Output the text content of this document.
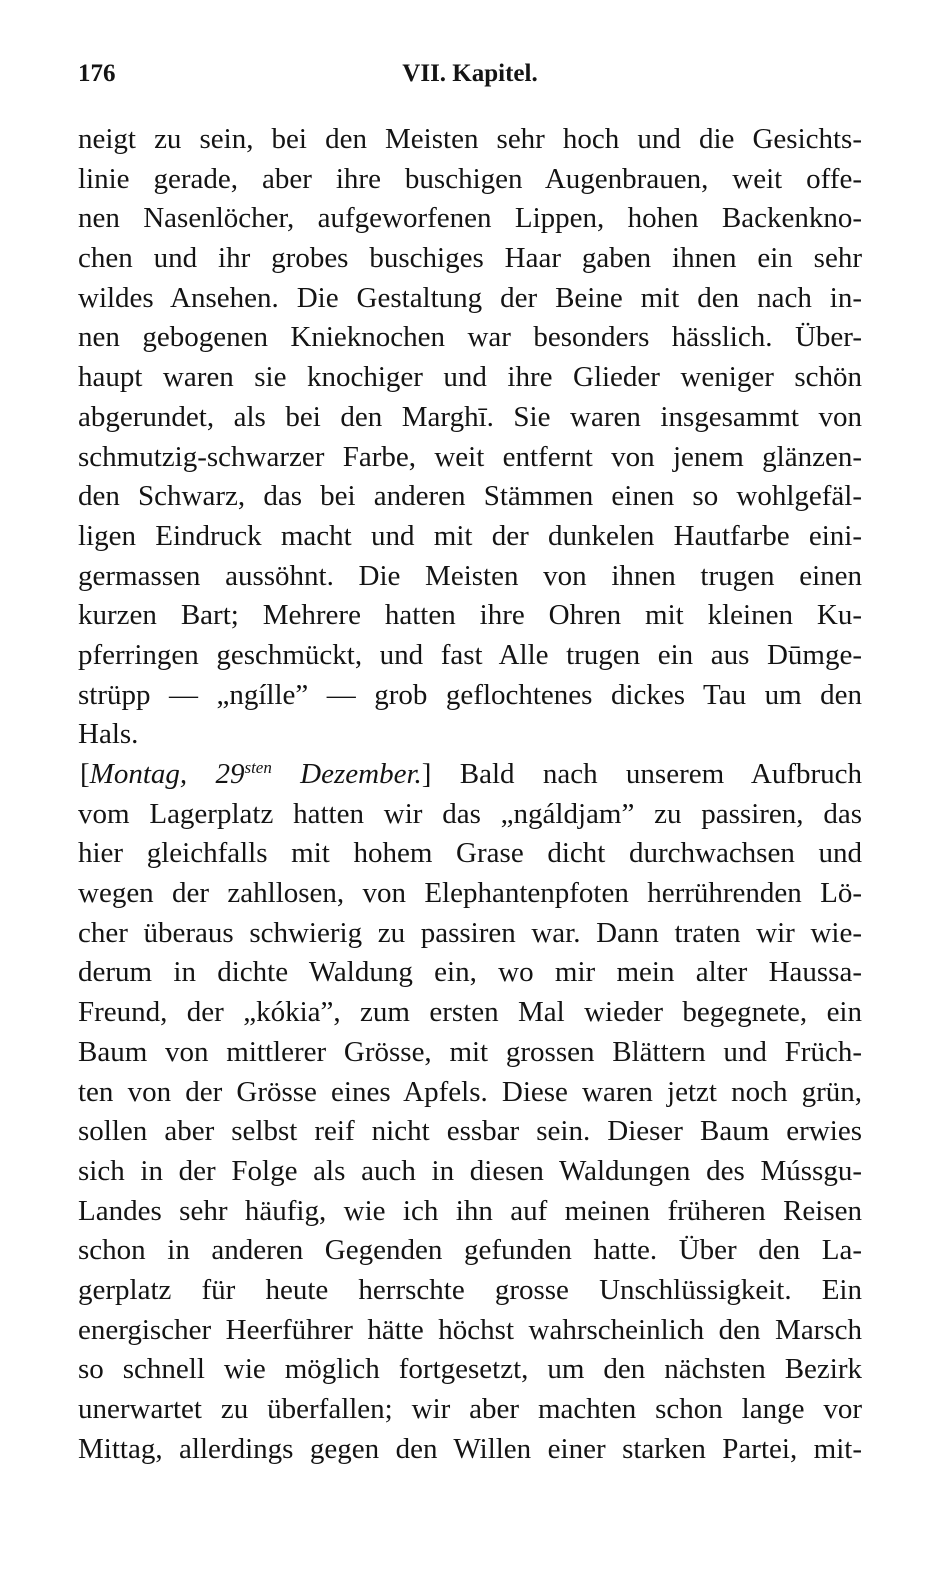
176	VII. Kapitel.
neigt zu sein, bei den Meisten sehr hoch und die Gesichts-
linie gerade, aber ihre buschigen Augenbrauen, weit offe-
nen Nasenlöcher, aufgeworfenen Lippen, hohen Backenkno-
chen und ihr grobes buschiges Haar gaben ihnen ein sehr
wildes Ansehen. Die Gestaltung der Beine mit den nach in-
nen gebogenen Knieknochen war besonders hässlich. Über-
haupt waren sie knochiger und ihre Glieder weniger schön
abgerundet, als bei den Marghī. Sie waren insgesammt von
schmutzig-schwarzer Farbe, weit entfernt von jenem glänzen-
den Schwarz, das bei anderen Stämmen einen so wohlgefäl-
ligen Eindruck macht und mit der dunkelen Hautfarbe eini-
germassen aussöhnt. Die Meisten von ihnen trugen einen
kurzen Bart; Mehrere hatten ihre Ohren mit kleinen Ku-
pferringen geschmückt, und fast Alle trugen ein aus Dūmge-
strüpp — „ngílle” — grob geflochtenes dickes Tau um den
Hals.
[Montag, $29^{sten}$ Dezember.] Bald nach unserem Aufbruch
vom Lagerplatz hatten wir das „ngáldjam” zu passiren, das
hier gleichfalls mit hohem Grase dicht durchwachsen und
wegen der zahllosen, von Elephantenpfoten herrührenden Lö-
cher überaus schwierig zu passiren war. Dann traten wir wie-
derum in dichte Waldung ein, wo mir mein alter Haussa-
Freund, der „kókia”, zum ersten Mal wieder begegnete, ein
Baum von mittlerer Grösse, mit grossen Blättern und Früch-
ten von der Grösse eines Apfels. Diese waren jetzt noch grün,
sollen aber selbst reif nicht essbar sein. Dieser Baum erwies
sich in der Folge als auch in diesen Waldungen des Mússgu-
Landes sehr häufig, wie ich ihn auf meinen früheren Reisen
schon in anderen Gegenden gefunden hatte. Über den La-
gerplatz für heute herrschte grosse Unschlüssigkeit. Ein
energischer Heerführer hätte höchst wahrscheinlich den Marsch
so schnell wie möglich fortgesetzt, um den nächsten Bezirk
unerwartet zu überfallen; wir aber machten schon lange vor
Mittag, allerdings gegen den Willen einer starken Partei, mit-
